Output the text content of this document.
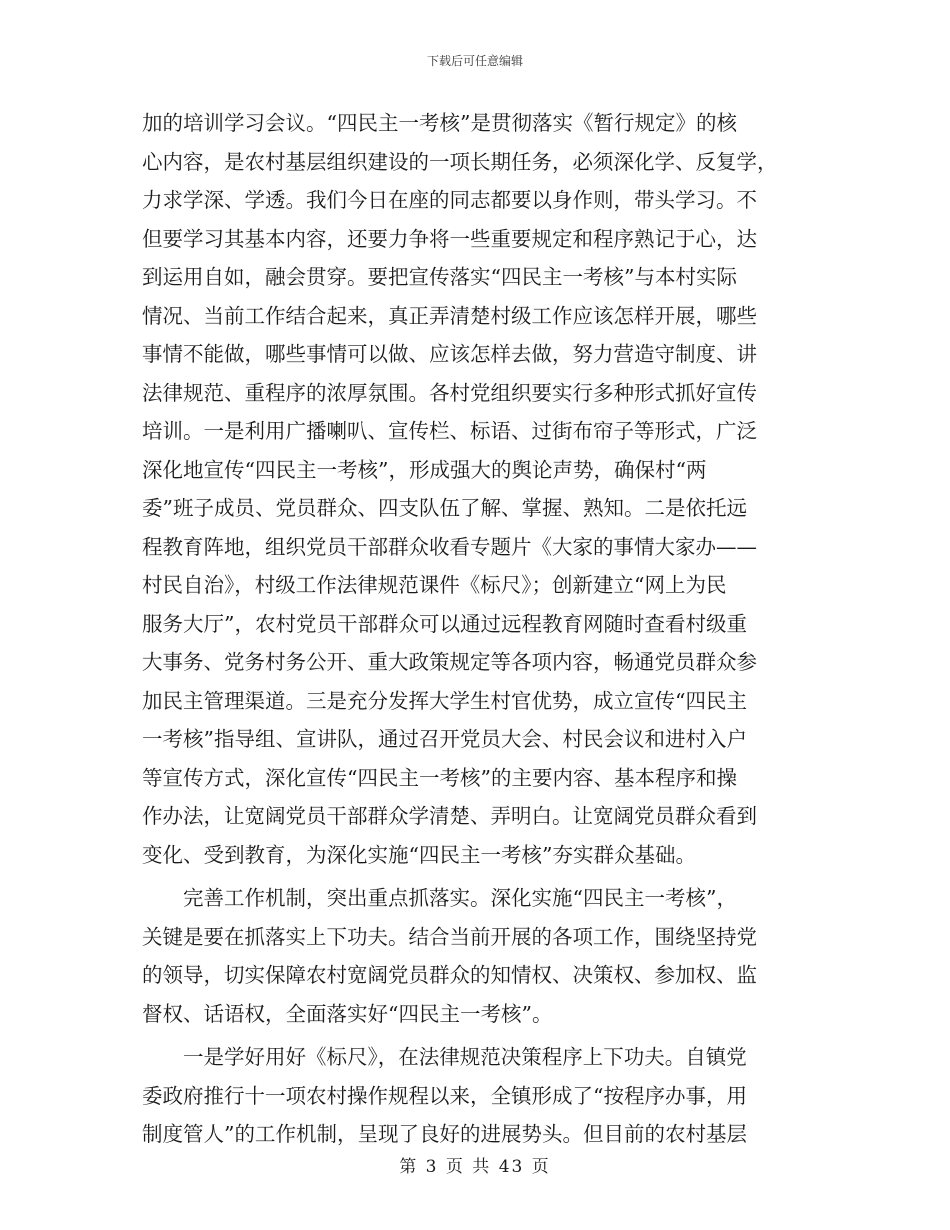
下载后可任意编辑
加的培训学习会议。“四民主一考核”是贯彻落实《暂行规定》的核
心内容，是农村基层组织建设的一项长期任务，必须深化学、反复学，
力求学深、学透。我们今日在座的同志都要以身作则，带头学习。不
但要学习其基本内容，还要力争将一些重要规定和程序熟记于心，达
到运用自如，融会贯穿。要把宣传落实“四民主一考核”与本村实际
情况、当前工作结合起来，真正弄清楚村级工作应该怎样开展，哪些
事情不能做，哪些事情可以做、应该怎样去做，努力营造守制度、讲
法律规范、重程序的浓厚氛围。各村党组织要实行多种形式抓好宣传
培训。一是利用广播喇叭、宣传栏、标语、过街布帘子等形式，广泛
深化地宣传“四民主一考核”，形成强大的舆论声势，确保村“两
委”班子成员、党员群众、四支队伍了解、掌握、熟知。二是依托远
程教育阵地，组织党员干部群众收看专题片《大家的事情大家办——
村民自治》，村级工作法律规范课件《标尺》；创新建立“网上为民
服务大厅”，农村党员干部群众可以通过远程教育网随时查看村级重
大事务、党务村务公开、重大政策规定等各项内容，畅通党员群众参
加民主管理渠道。三是充分发挥大学生村官优势，成立宣传“四民主
一考核”指导组、宣讲队，通过召开党员大会、村民会议和进村入户
等宣传方式，深化宣传“四民主一考核”的主要内容、基本程序和操
作办法，让宽阔党员干部群众学清楚、弄明白。让宽阔党员群众看到
变化、受到教育，为深化实施“四民主一考核”夯实群众基础。
　　完善工作机制，突出重点抓落实。深化实施“四民主一考核”，
关键是要在抓落实上下功夫。结合当前开展的各项工作，围绕坚持党
的领导，切实保障农村宽阔党员群众的知情权、决策权、参加权、监
督权、话语权，全面落实好“四民主一考核”。
　　一是学好用好《标尺》，在法律规范决策程序上下功夫。自镇党
委政府推行十一项农村操作规程以来，全镇形成了“按程序办事，用
制度管人”的工作机制，呈现了良好的进展势头。但目前的农村基层
第 3 页 共 43 页
